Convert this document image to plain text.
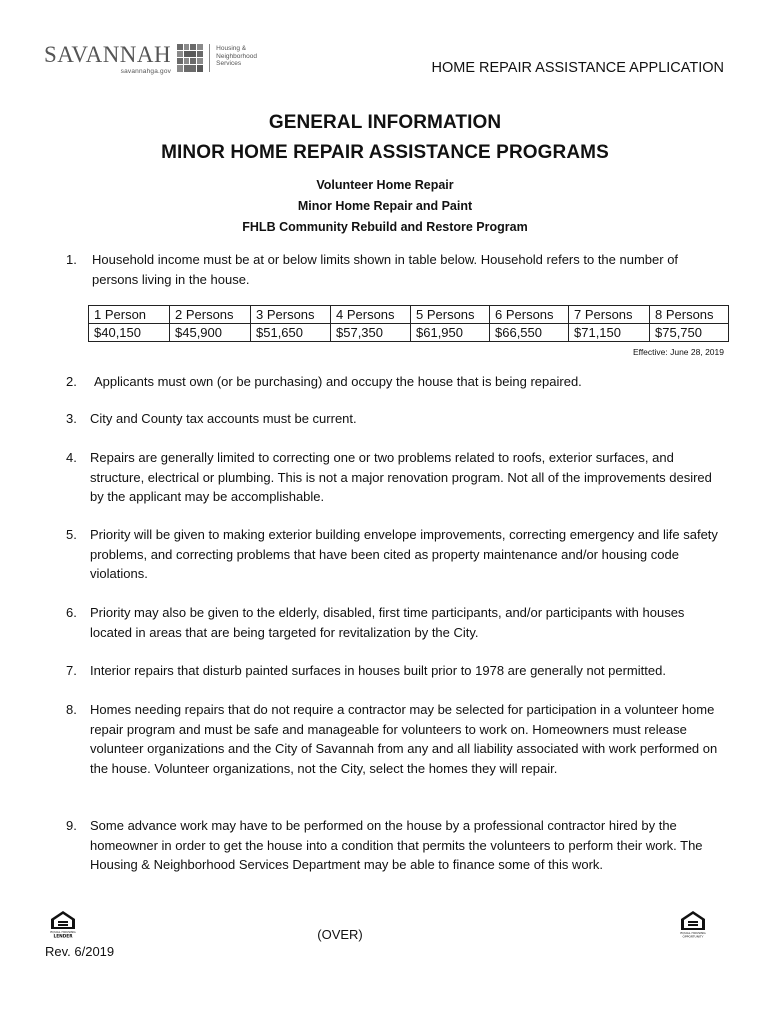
SAVANNAH
savannahga.gov
Housing &
Neighborhood
Services	HOME REPAIR ASSISTANCE APPLICATION
GENERAL INFORMATION
MINOR HOME REPAIR ASSISTANCE PROGRAMS
Volunteer Home Repair
Minor Home Repair and Paint
FHLB Community Rebuild and Restore Program
1.	Household income must be at or below limits shown in table below. Household refers to the number of persons living in the house.
1 Person	2 Persons	3 Persons	4 Persons	5 Persons	6 Persons	7 Persons	8 Persons
$40,150	$45,900	$51,650	$57,350	$61,950	$66,550	$71,150	$75,750
Effective: June 28, 2019
2.	Applicants must own (or be purchasing) and occupy the house that is being repaired.
3.	City and County tax accounts must be current.
4.	Repairs are generally limited to correcting one or two problems related to roofs, exterior surfaces, and structure, electrical or plumbing. This is not a major renovation program. Not all of the improvements desired by the applicant may be accomplishable.
5.	Priority will be given to making exterior building envelope improvements, correcting emergency and life safety problems, and correcting problems that have been cited as property maintenance and/or housing code violations.
6.	Priority may also be given to the elderly, disabled, first time participants, and/or participants with houses located in areas that are being targeted for revitalization by the City.
7.	Interior repairs that disturb painted surfaces in houses built prior to 1978 are generally not permitted.
8.	Homes needing repairs that do not require a contractor may be selected for participation in a volunteer home repair program and must be safe and manageable for volunteers to work on. Homeowners must release volunteer organizations and the City of Savannah from any and all liability associated with work performed on the house. Volunteer organizations, not the City, select the homes they will repair.
9.	Some advance work may have to be performed on the house by a professional contractor hired by the homeowner in order to get the house into a condition that permits the volunteers to perform their work. The Housing & Neighborhood Services Department may be able to finance some of this work.
EQUAL HOUSING
LENDER	(OVER)
Rev. 6/2019
EQUAL HOUSING
OPPORTUNITY
